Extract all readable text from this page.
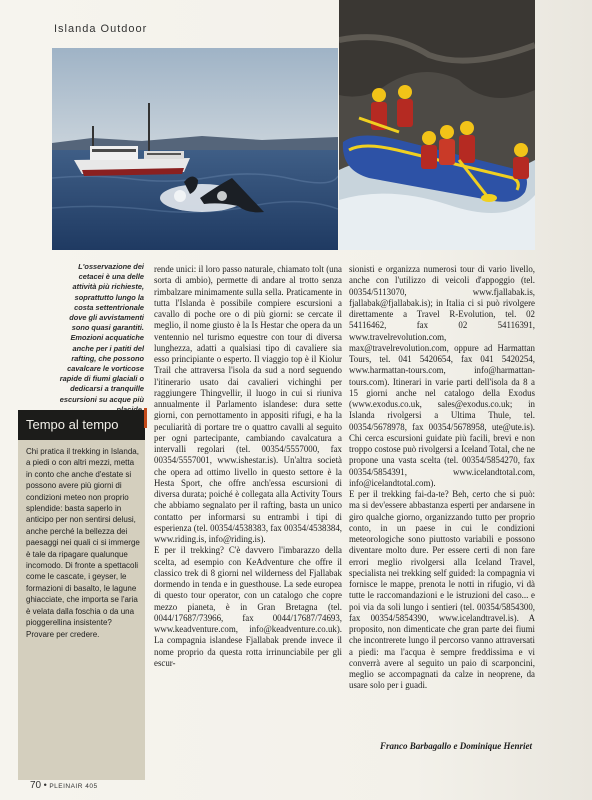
Islanda Outdoor
L'osservazione dei cetacei è una delle attività più richieste, soprattutto lungo la costa settentrionale dove gli avvistamenti sono quasi garantiti. Emozioni acquatiche anche per i patiti del rafting, che possono cavalcare le vorticose rapide di fiumi glaciali o dedicarsi a tranquille escursioni su acque più
Tempo al tempo
Chi pratica il trekking in Islanda, a piedi o con altri mezzi, metta in conto che anche d'estate si possono avere più giorni di condizioni meteo non proprio splendide: basta saperlo in anticipo per non sentirsi delusi, anche perché la bellezza dei paesaggi nei quali ci si immerge è tale da ripagare qualunque incomodo. Di fronte a spettacoli come le cascate, i geyser, le formazioni di basalto, le lagune ghiacciate, che importa se l'aria è velata dalla foschia o da una pioggerellina insistente? Provare per credere.

rende unici: il loro passo naturale, chiamato tolt (una sorta di ambio), permette di andare al trotto senza rimbalzare minimamente sulla sella. Praticamente in tutta l'Islanda è possibile compiere escursioni a cavallo di poche ore o di più giorni: se cercate il meglio, il nome giusto è la Is Hestar che opera da un ventennio nel turismo equestre con tour di diversa lunghezza, adatti a qualsiasi tipo di cavaliere sia esso principiante o esperto. Il viaggio top è il Kiolur Trail che attraversa l'isola da sud a nord seguendo l'itinerario usato dai cavalieri vichinghi per raggiungere Thingvellir, il luogo in cui si riuniva annualmente il Parlamento islandese: dura sette giorni, con pernottamento in appositi rifugi, e ha la peculiarità di portare tre o quattro cavalli al seguito per ogni partecipante, cambiando cavalcatura a intervalli regolari (tel. 00354/5557000, fax 00354/5557001, www.ishestar.is). Un'altra società che opera ad ottimo livello in questo settore è la Hesta Sport, che offre anch'essa escursioni di diversa durata; poiché è collegata alla Activity Tours che abbiamo segnalato per il rafting, basta un unico contatto per informarsi su entrambi i tipi di esperienza (tel. 00354/4538383, fax 00354/4538384, www.riding.is, info@riding.is).

E per il trekking? C'è davvero l'imbarazzo della scelta, ad esempio con KeAdventure che offre il classico trek di 8 giorni nel wilderness del Fjallabak dormendo in tenda e in guesthouse. La sede europea di questo tour operator, con un catalogo che copre mezzo pianeta, è in Gran Bretagna (tel. 0044/17687/73966, fax 0044/17687/74693, www.keadventure.com, info@keadventure.co.uk). La compagnia islandese Fjallabak prende invece il nome proprio da questa rotta irrinunciabile per gli escur-

sionisti e organizza numerosi tour di vario livello, anche con l'utilizzo di veicoli d'appoggio (tel. 00354/5113070, www.fjallabak.is, fjallabak@fjallabak.is); in Italia ci si può rivolgere direttamente a Travel R-Evolution, tel. 02 54116462, fax 02 54116391, www.travelrevolution.com, max@travelrevolution.com, oppure ad Harmattan Tours, tel. 041 5420654, fax 041 5420254, www.harmattan-tours.com, info@harmattan-tours.com). Itinerari in varie parti dell'isola da 8 a 15 giorni anche nel catalogo della Exodus (www.exodus.co.uk, sales@exodus.co.uk; in Islanda rivolgersi a Ultima Thule, tel. 00354/5678978, fax 00354/5678958, ute@ute.is). Chi cerca escursioni guidate più facili, brevi e non troppo costose può rivolgersi a Iceland Total, che ne propone una vasta scelta (tel. 00354/5854270, fax 00354/5854391, www.icelandtotal.com, info@icelandtotal.com).

E per il trekking fai-da-te? Beh, certo che si può: ma si dev'essere abbastanza esperti per andarsene in giro qualche giorno, organizzando tutto per proprio conto, in un paese in cui le condizioni meteorologiche sono piuttosto variabili e possono diventare molto dure. Per essere certi di non fare errori meglio rivolgersi alla Iceland Travel, specialista nei trekking self guided: la compagnia vi fornisce le mappe, prenota le notti in rifugio, vi dà tutte le raccomandazioni e le istruzioni del caso... e poi via da soli lungo i sentieri (tel. 00354/5854300, fax 00354/5854390, www.icelandtravel.is). A proposito, non dimenticate che gran parte dei fiumi che incontrerete lungo il percorso vanno attraversati a piedi: ma l'acqua è sempre freddissima e vi converrà avere al seguito un paio di scarponcini, meglio se accompagnati da calze in neoprene, da usare solo per i guadi.

Franco Barbagallo e Dominique Henriet
70 • PLEINAIR 405
